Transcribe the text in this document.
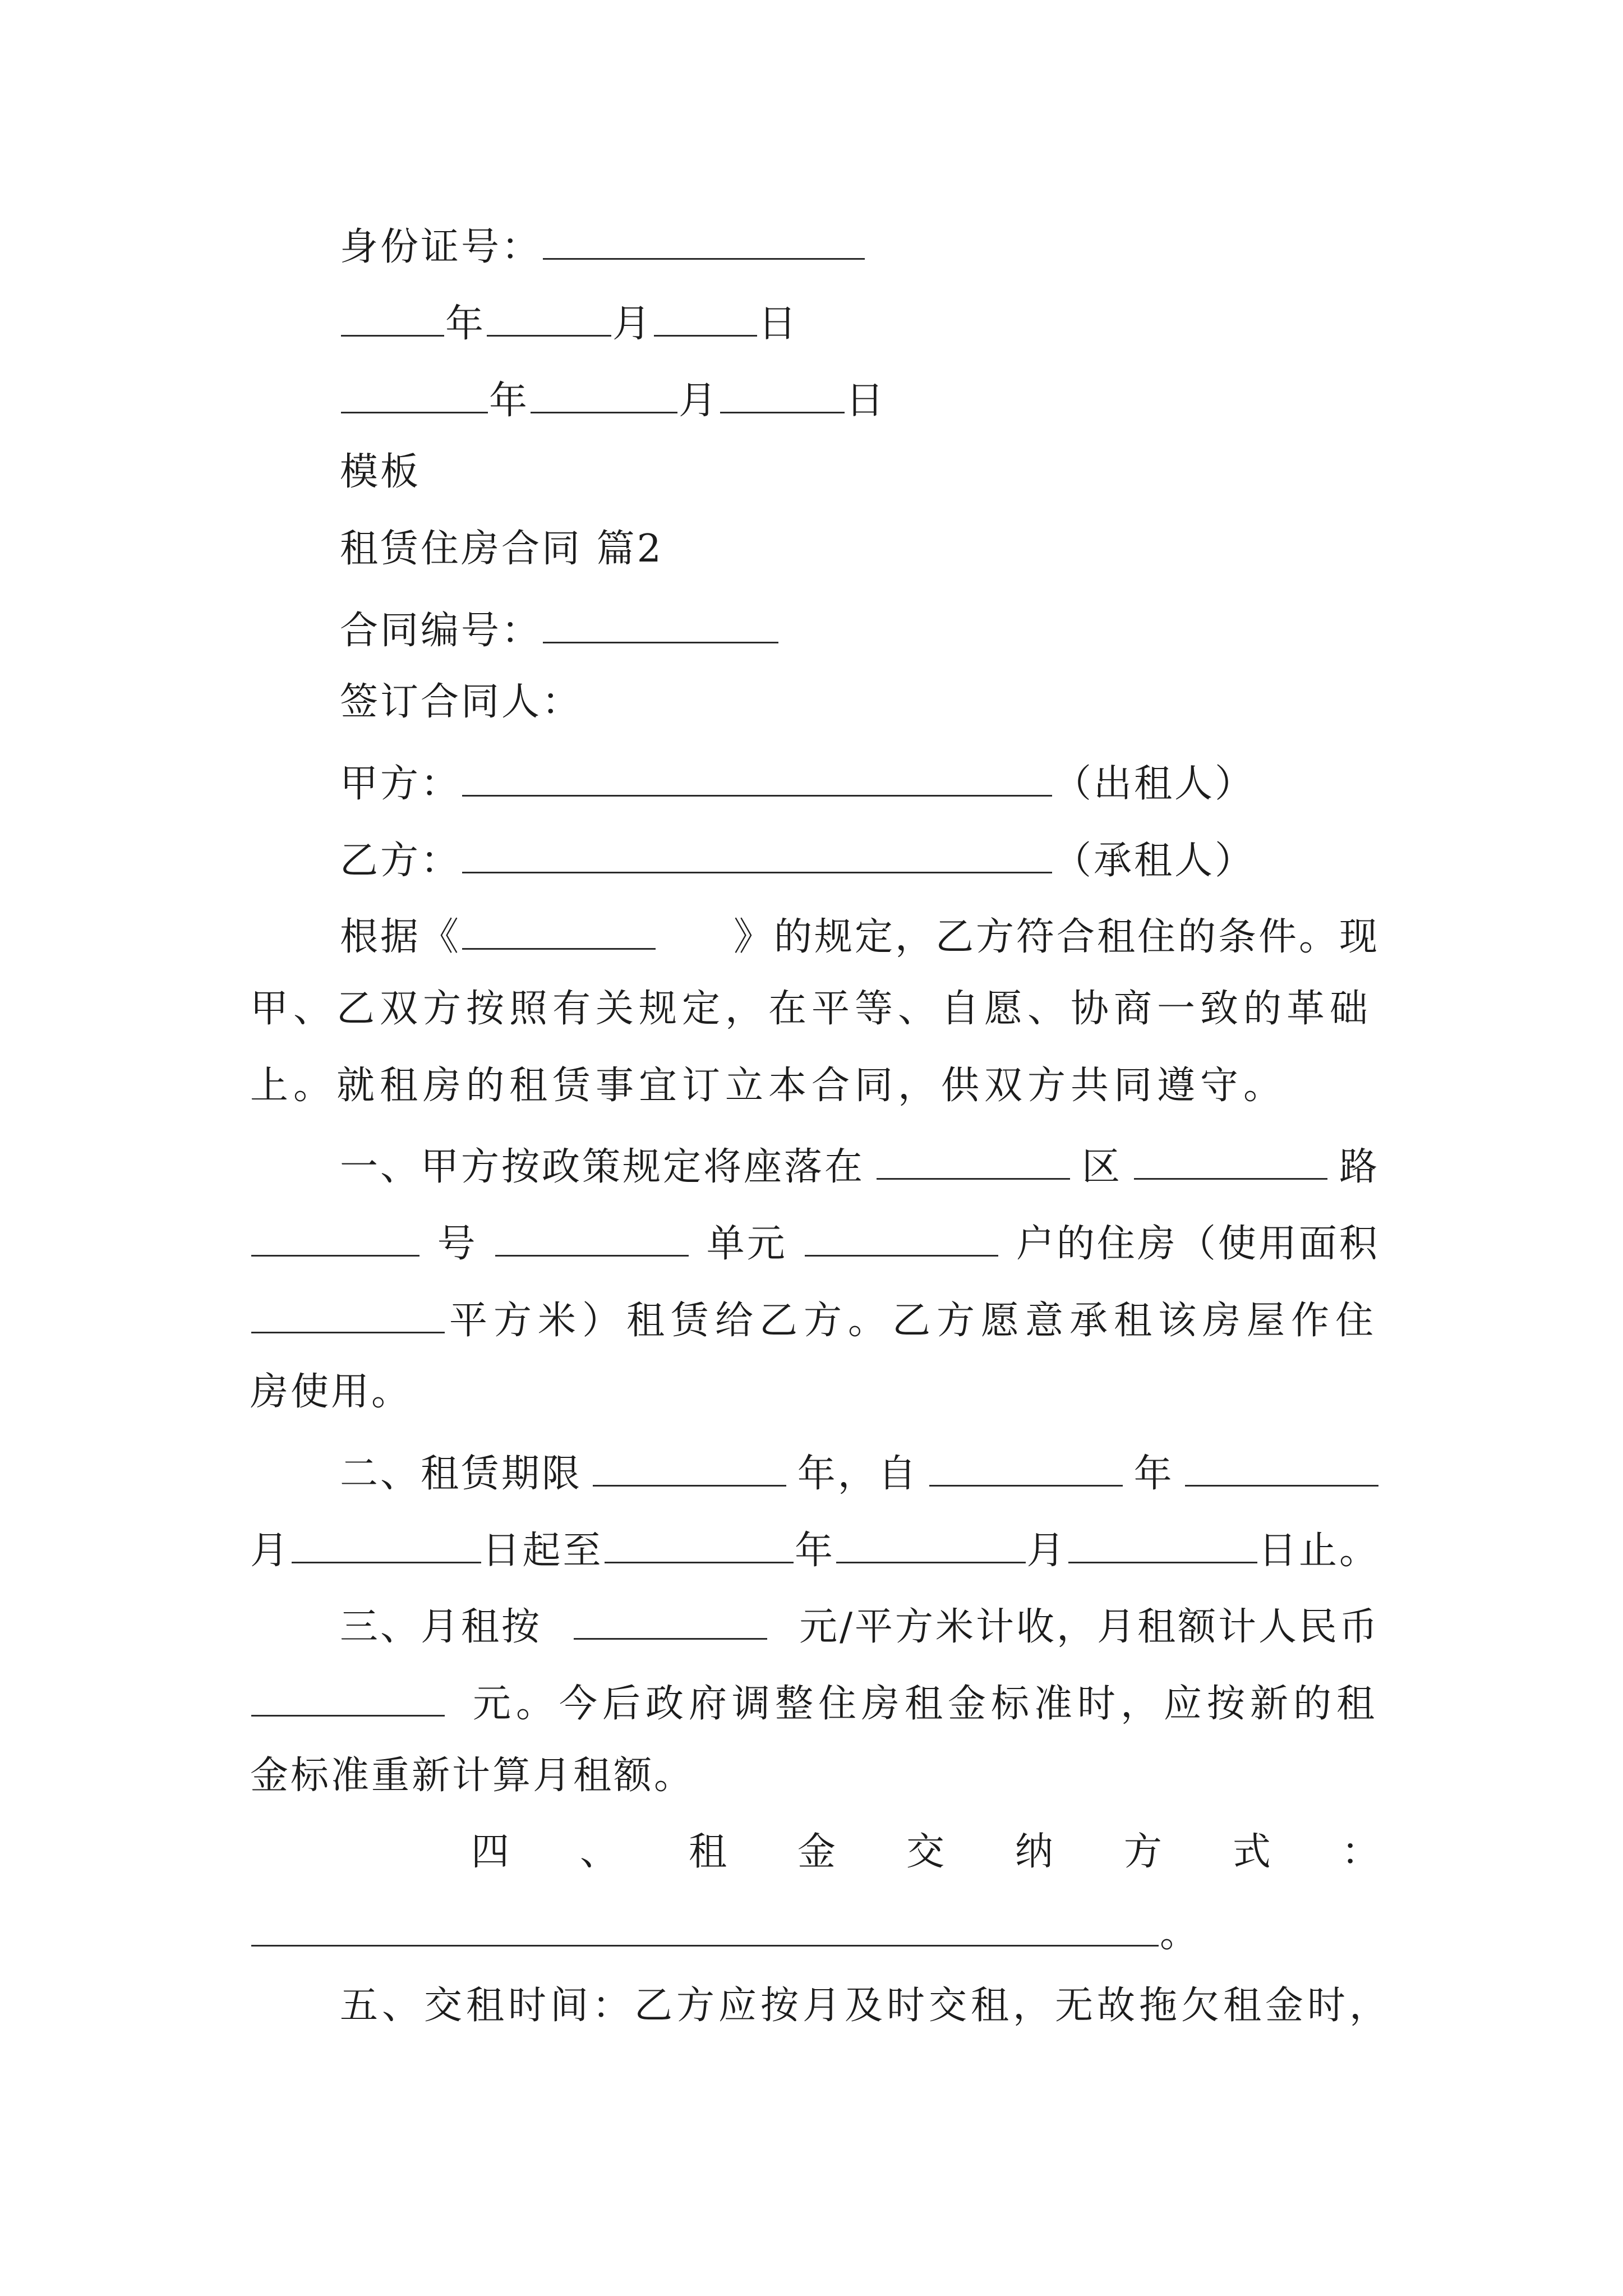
身份证号：
年	月	日
年	月	日
模板
租赁住房合同 篇2
合同编号：
签订合同人：
甲方：	（出租人）
乙方：	（承租人）
根据《	》的规定，乙方符合租住的条件。现
甲、乙双方按照有关规定，在平等、自愿、协商一致的革础
上。就租房的租赁事宜订立本合同，供双方共同遵守。
一、甲方按政策规定将座落在	区	路
号	单元	户的住房（使用面积
平方米）租赁给乙方。乙方愿意承租该房屋作住
房使用。
二、租赁期限	年，自	年
月	日起至	年	月	日止。
三、月租按	元/平方米计收，月租额计人民币
元。今后政府调整住房租金标准时，应按新的租
金标准重新计算月租额。
四 、 租 金 交 纳 方 式 ：
。
五、交租时间：乙方应按月及时交租，无故拖欠租金时，
